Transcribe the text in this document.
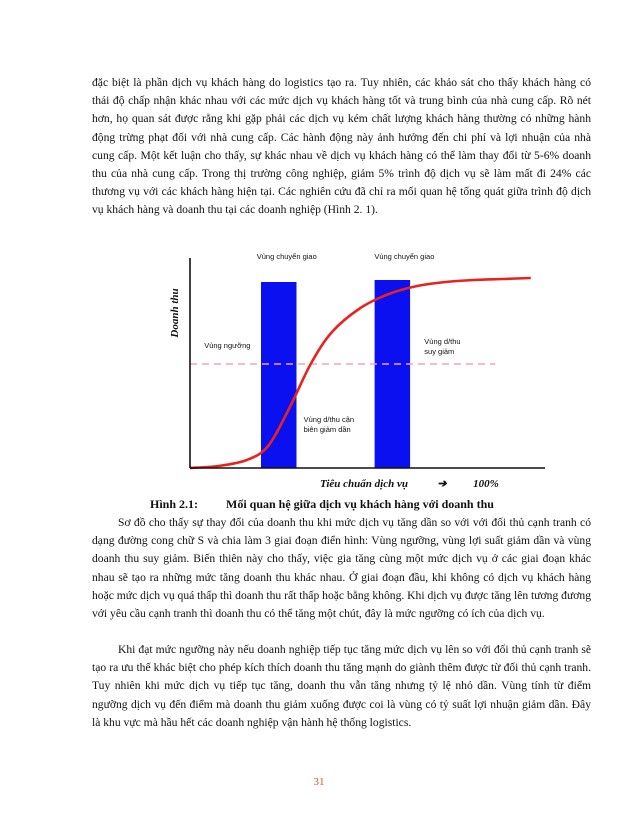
đặc biệt là phần dịch vụ khách hàng do logistics tạo ra. Tuy nhiên, các khảo sát cho thấy khách hàng có thái độ chấp nhận khác nhau với các mức dịch vụ khách hàng tốt và trung bình của nhà cung cấp. Rõ nét hơn, họ quan sát được rằng khi gặp phải các dịch vụ kém chất lượng khách hàng thường có những hành động trừng phạt đối với nhà cung cấp. Các hành động này ảnh hưởng đến chi phí và lợi nhuận của nhà cung cấp. Một kết luận cho thấy, sự khác nhau về dịch vụ khách hàng có thể làm thay đổi từ 5-6% doanh thu của nhà cung cấp. Trong thị trường công nghiệp, giảm 5% trình độ dịch vụ sẽ làm mất đi 24% các thương vụ với các khách hàng hiện tại. Các nghiên cứu đã chỉ ra mối quan hệ tổng quát giữa trình độ dịch vụ khách hàng và doanh thu tại các doanh nghiệp (Hình 2. 1).

Vùng chuyển giao	Vùng chuyển giao
Doanh thu
Tiêu chuẩn dịch vụ	➔ 100%
Vùng ngưỡng
Vùng d/thu cận
biên giảm dần
Vùng d/thu
suy giảm
Hình 2.1: Mối quan hệ giữa dịch vụ khách hàng với doanh thu

Sơ đồ cho thấy sự thay đổi của doanh thu khi mức dịch vụ tăng dần so với với đối thủ cạnh tranh có dạng đường cong chữ S và chia làm 3 giai đoạn điển hình: Vùng ngưỡng, vùng lợi suất giảm dần và vùng doanh thu suy giảm. Biến thiên này cho thấy, việc gia tăng cùng một mức dịch vụ ở các giai đoạn khác nhau sẽ tạo ra những mức tăng doanh thu khác nhau. Ở giai đoạn đầu, khi không có dịch vụ khách hàng hoặc mức dịch vụ quá thấp thì doanh thu rất thấp hoặc bằng không. Khi dịch vụ được tăng lên tương đương với yêu cầu cạnh tranh thì doanh thu có thể tăng một chút, đây là mức ngưỡng có ích của dịch vụ.

Khi đạt mức ngưỡng này nếu doanh nghiệp tiếp tục tăng mức dịch vụ lên so với đối thủ cạnh tranh sẽ tạo ra ưu thế khác biệt cho phép kích thích doanh thu tăng mạnh do giành thêm được từ đối thủ cạnh tranh. Tuy nhiên khi mức dịch vụ tiếp tục tăng, doanh thu vẫn tăng nhưng tỷ lệ nhỏ dần. Vùng tính từ điểm ngưỡng dịch vụ đến điểm mà doanh thu giảm xuống được coi là vùng có tỷ suất lợi nhuận giảm dần. Đây là khu vực mà hầu hết các doanh nghiệp vận hành hệ thống logistics.

31
